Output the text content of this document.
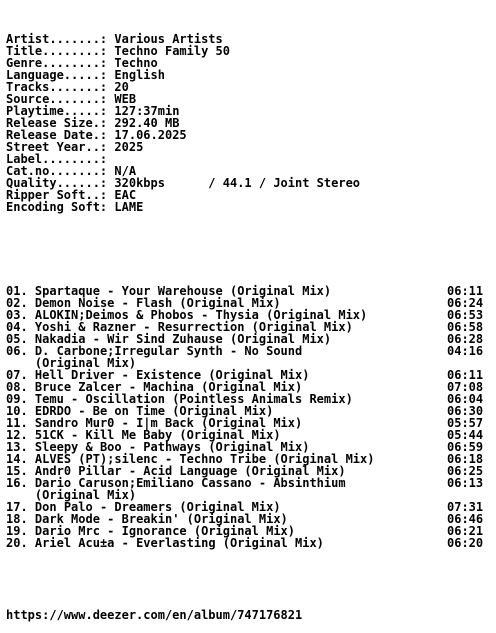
Artist.......: Various Artists
Title........: Techno Family 50
Genre........: Techno
Language.....: English
Tracks.......: 20
Source.......: WEB
Playtime.....: 127:37min
Release Size.: 292.40 MB
Release Date.: 17.06.2025
Street Year..: 2025
Label........:
Cat.no.......: N/A
Quality......: 320kbps      / 44.1 / Joint Stereo
Ripper Soft..: EAC
Encoding Soft: LAME

01. Spartaque - Your Warehouse (Original Mix)	06:11
02. Demon Noise - Flash (Original Mix)	06:24
03. ALOKIN;Deimos & Phobos - Thysia (Original Mix)	06:53
04. Yoshi & Razner - Resurrection (Original Mix)	06:58
05. Nakadia - Wir Sind Zuhause (Original Mix)	06:28
06. D. Carbone;Irregular Synth - No Sound	04:16
(Original Mix)
07. Hell Driver - Existence (Original Mix)	06:11
08. Bruce Zalcer - Machina (Original Mix)	07:08
09. Temu - Oscillation (Pointless Animals Remix)	06:04
10. EDRDO - Be on Time (Original Mix)	06:30
11. Sandro Mur0 - I|m Back (Original Mix)	05:57
12. 51CK - Kill Me Baby (Original Mix)	05:44
13. Sleepy & Boo - Pathways (Original Mix)	06:59
14. ALVES (PT);silenc - Techno Tribe (Original Mix)	06:18
15. Andr0 Pillar - Acid Language (Original Mix)	06:25
16. Dario Caruson;Emiliano Cassano - Absinthium	06:13
(Original Mix)
17. Don Palo - Dreamers (Original Mix)	07:31
18. Dark Mode - Breakin' (Original Mix)	06:46
19. Dario Mrc - Ignorance (Original Mix)	06:21
20. Ariel Acu±a - Everlasting (Original Mix)	06:20

https://www.deezer.com/en/album/747176821
